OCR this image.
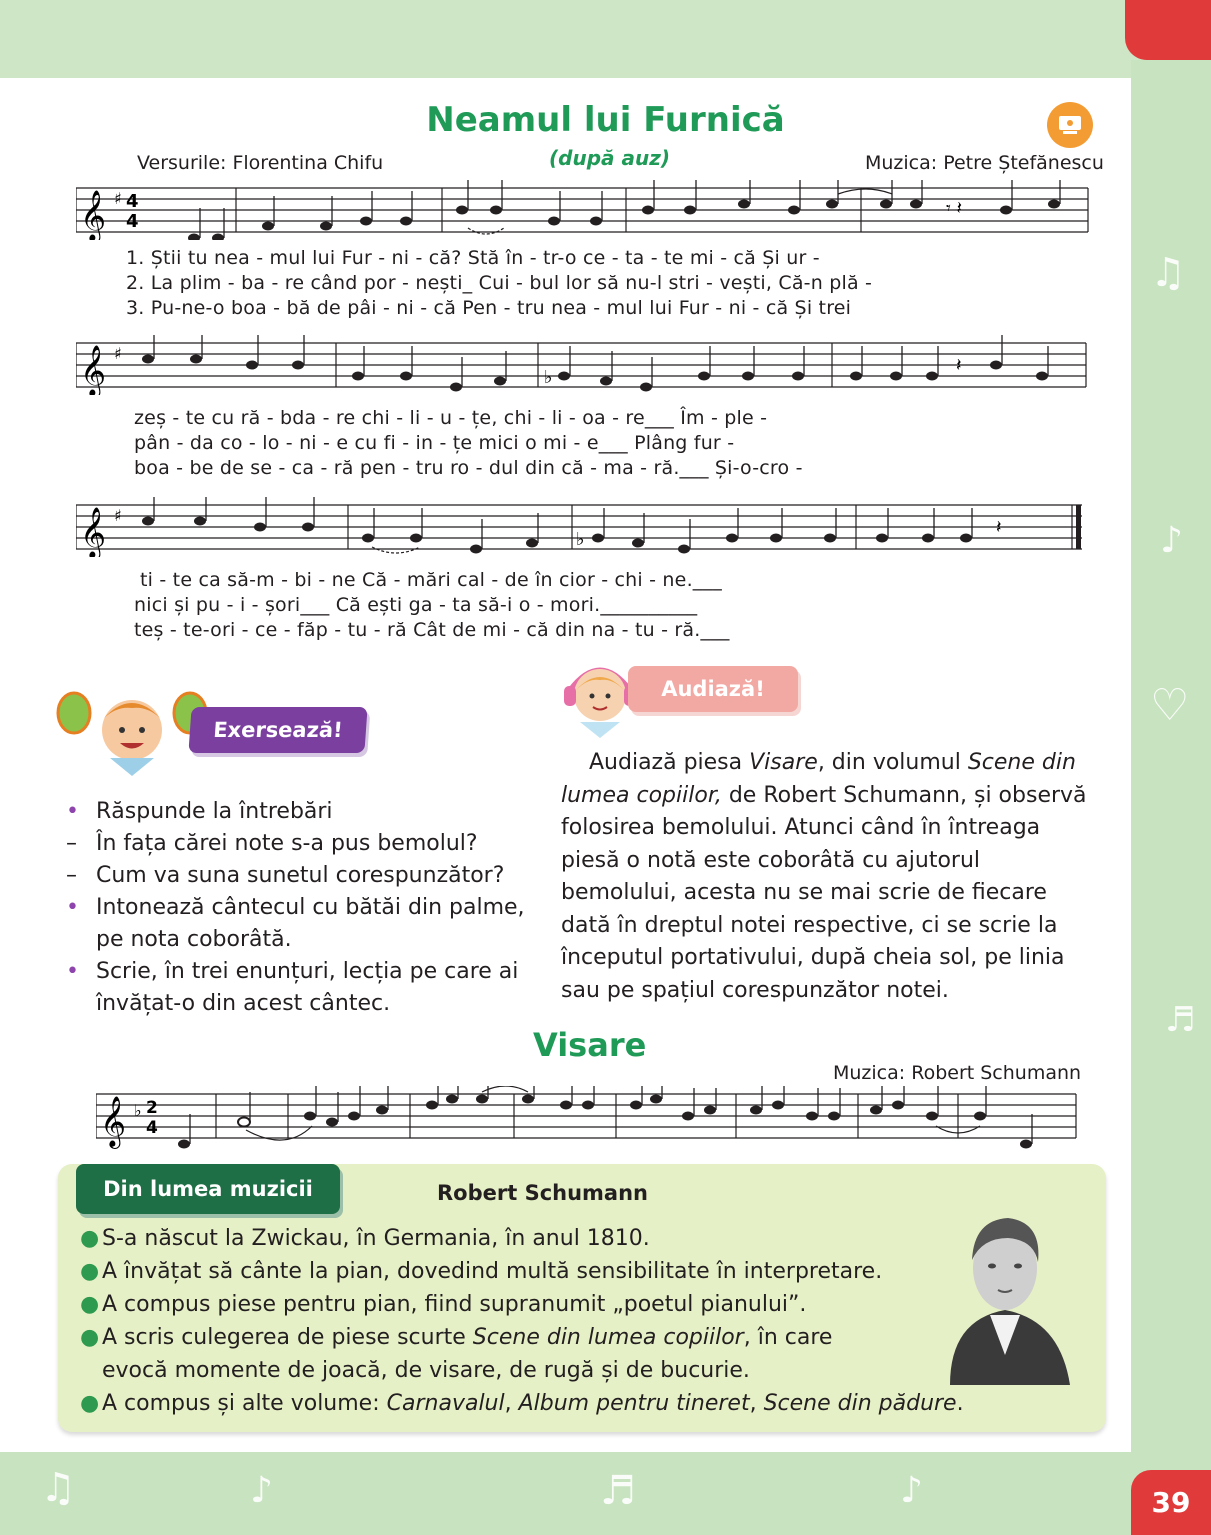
♫
♪
♡
♬
♫	♪	♬	♪	39
Neamul lui Furnică
(după auz)
Versurile: Florentina Chifu	Muzica: Petre Ștefănescu
𝄞 ♯ 4
4
𝄾 𝄽
1. Știi tu nea - mul lui Fur - ni - că? Stă în - tr-o ce - ta - te mi - că Și ur -
2. La plim - ba - re când por - nești_ Cui - bul lor să nu-l stri - vești, Că-n plă -
3. Pu-ne-o boa - bă de pâi - ni - că Pen - tru nea - mul lui Fur - ni - că Și trei
𝄞 ♯
♭
𝄽
zeș - te cu ră - bda - re chi - li - u - țe, chi - li - oa - re___ Îm - ple -
pân - da co - lo - ni - e cu fi - in - țe mici o mi - e___ Plâng fur -
boa - be de se - ca - ră pen - tru ro - dul din că - ma - ră.___ Și-o-cro -
𝄞 ♯
♭
𝄽
ti - te ca să-m - bi - ne Că - mări cal - de în cior - chi - ne.___
nici și pu - i - șori___ Că ești ga - ta să-i o - mori.__________
teș - te-ori - ce - făp - tu - ră Cât de mi - că din na - tu - ră.___
Exersează!
• Răspunde la întrebări
– În fața cărei note s-a pus bemolul?
– Cum va suna sunetul corespunzător?
• Intonează cântecul cu bătăi din palme,
pe nota coborâtă.
• Scrie, în trei enunțuri, lecția pe care ai
învățat-o din acest cântec.
Audiază!
Audiază piesa Visare, din volumul Scene din lumea copiilor, de Robert Schumann, și observă folosirea bemolului. Atunci când în întreaga piesă o notă este coborâtă cu ajutorul bemolului, acesta nu se mai scrie de fiecare dată în dreptul notei respective, ci se scrie la începutul portativului, după cheia sol, pe linia sau pe spațiul corespunzător notei.
Visare
Muzica: Robert Schumann
𝄞 ♭ 2
4
Din lumea muzicii	Robert Schumann
● S-a născut la Zwickau, în Germania, în anul 1810.
● A învățat să cânte la pian, dovedind multă sensibilitate în interpretare.
● A compus piese pentru pian, fiind supranumit „poetul pianului”.
● A scris culegerea de piese scurte Scene din lumea copiilor, în care
evocă momente de joacă, de visare, de rugă și de bucurie.
● A compus și alte volume: Carnavalul, Album pentru tineret, Scene din pădure.
